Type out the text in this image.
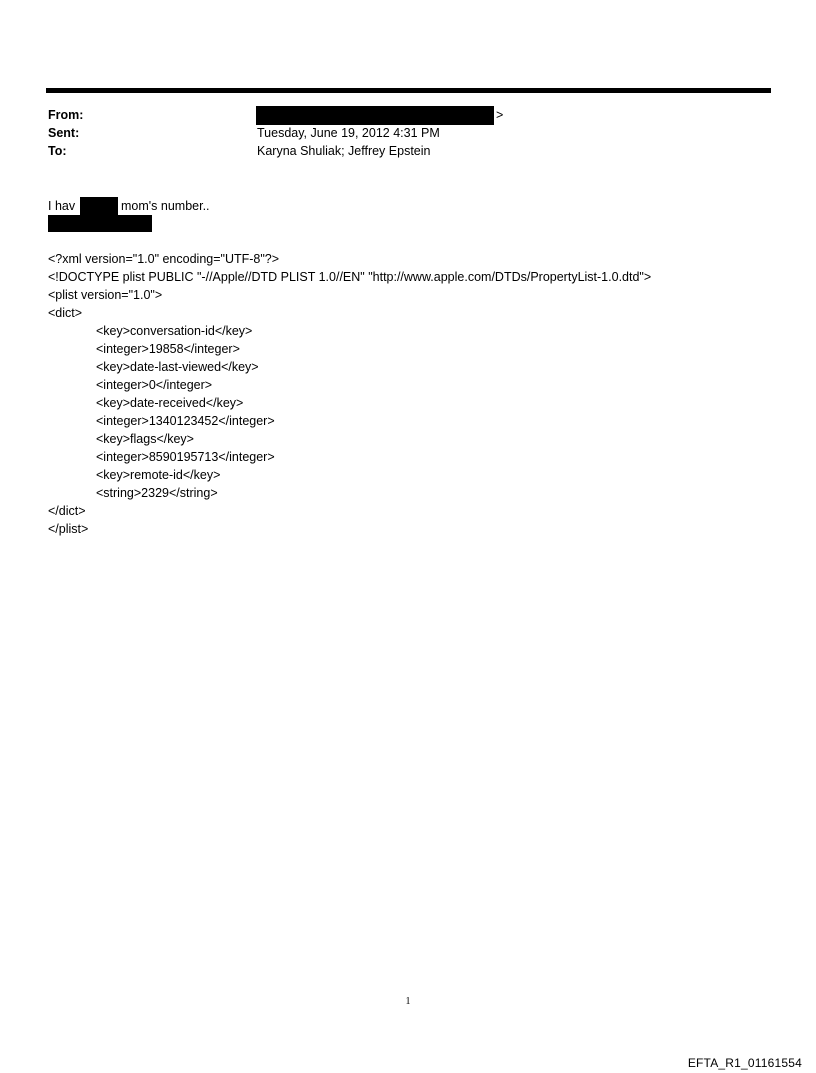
From:	>
Sent:	Tuesday, June 19, 2012 4:31 PM
To:	Karyna Shuliak; Jeffrey Epstein
I hav	mom's number..
<?xml version="1.0" encoding="UTF-8"?>
<!DOCTYPE plist PUBLIC "-//Apple//DTD PLIST 1.0//EN" "http://www.apple.com/DTDs/PropertyList-1.0.dtd">
<plist version="1.0">
<dict>
<key>conversation-id</key>
<integer>19858</integer>
<key>date-last-viewed</key>
<integer>0</integer>
<key>date-received</key>
<integer>1340123452</integer>
<key>flags</key>
<integer>8590195713</integer>
<key>remote-id</key>
<string>2329</string>
</dict>
</plist>
1
EFTA_R1_01161554
